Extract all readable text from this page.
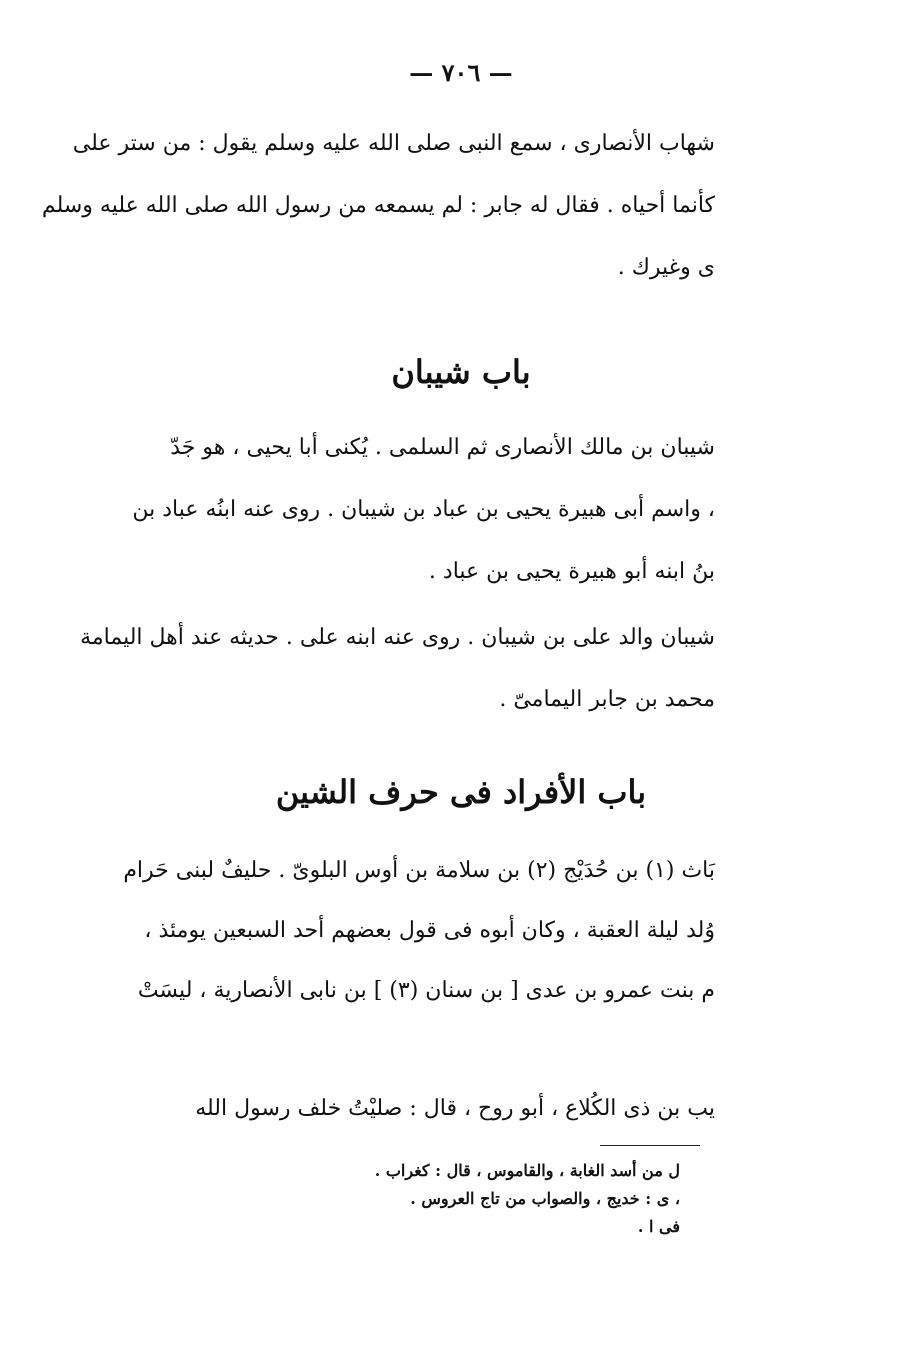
— ٧٠٦ —
شهاب الأنصارى ، سمع النبى صلى الله عليه وسلم يقول : من ستر على
كأنما أحياه . فقال له جابر : لم يسمعه من رسول الله صلى الله عليه وسلم
ى وغيرك .
باب شيبان
شيبان بن مالك الأنصارى ثم السلمى . يُكنى أبا يحيى ، هو جَدّ
، واسم أبى هبيرة يحيى بن عباد بن شيبان . روى عنه ابنُه عباد بن
بنُ ابنه أبو هبيرة يحيى بن عباد .
شيبان والد على بن شيبان . روى عنه ابنه على . حديثه عند أهل اليمامة
محمد بن جابر اليمامىّ .
باب الأفراد فى حرف الشين
بَاث (١) بن حُدَيْج (٢) بن سلامة بن أوس البلوىّ . حليفٌ لبنى حَرام
وُلد ليلة العقبة ، وكان أبوه فى قول بعضهم أحد السبعين يومئذ ،
م بنت عمرو بن عدى [ بن سنان (٣) ] بن نابى الأنصارية ، ليسَتْ
يب بن ذى الكُلاع ، أبو روح ، قال : صليْتُ خلف رسول الله
ل من أسد الغابة ، والقاموس ، قال : كغراب .
، ى : خديج ، والصواب من تاج العروس .
فى ا .
